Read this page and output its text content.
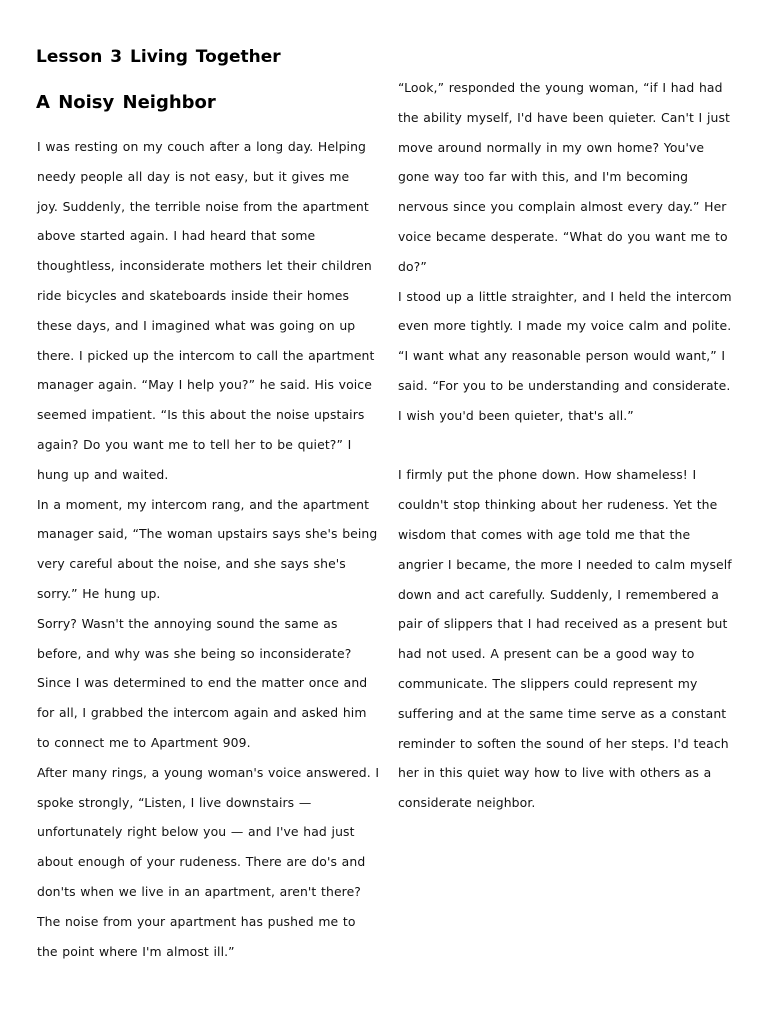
Lesson 3 Living Together
A Noisy Neighbor
I was resting on my couch after a long day. Helping
needy people all day is not easy, but it gives me
joy. Suddenly, the terrible noise from the apartment
above started again. I had heard that some
thoughtless, inconsiderate mothers let their children
ride bicycles and skateboards inside their homes
these days, and I imagined what was going on up
there. I picked up the intercom to call the apartment
manager again. “May I help you?” he said. His voice
seemed impatient. “Is this about the noise upstairs
again? Do you want me to tell her to be quiet?” I
hung up and waited.
In a moment, my intercom rang, and the apartment
manager said, “The woman upstairs says she's being
very careful about the noise, and she says she's
sorry.” He hung up.
Sorry? Wasn't the annoying sound the same as
before, and why was she being so inconsiderate?
Since I was determined to end the matter once and
for all, I grabbed the intercom again and asked him
to connect me to Apartment 909.
After many rings, a young woman's voice answered. I
spoke strongly, “Listen, I live downstairs —
unfortunately right below you — and I've had just
about enough of your rudeness. There are do's and
don'ts when we live in an apartment, aren't there?
The noise from your apartment has pushed me to
the point where I'm almost ill.”
“Look,” responded the young woman, “if I had had
the ability myself, I'd have been quieter. Can't I just
move around normally in my own home? You've
gone way too far with this, and I'm becoming
nervous since you complain almost every day.” Her
voice became desperate. “What do you want me to
do?”
I stood up a little straighter, and I held the intercom
even more tightly. I made my voice calm and polite.
“I want what any reasonable person would want,” I
said. “For you to be understanding and considerate.
I wish you'd been quieter, that's all.”
I firmly put the phone down. How shameless! I
couldn't stop thinking about her rudeness. Yet the
wisdom that comes with age told me that the
angrier I became, the more I needed to calm myself
down and act carefully. Suddenly, I remembered a
pair of slippers that I had received as a present but
had not used. A present can be a good way to
communicate. The slippers could represent my
suffering and at the same time serve as a constant
reminder to soften the sound of her steps. I'd teach
her in this quiet way how to live with others as a
considerate neighbor.
